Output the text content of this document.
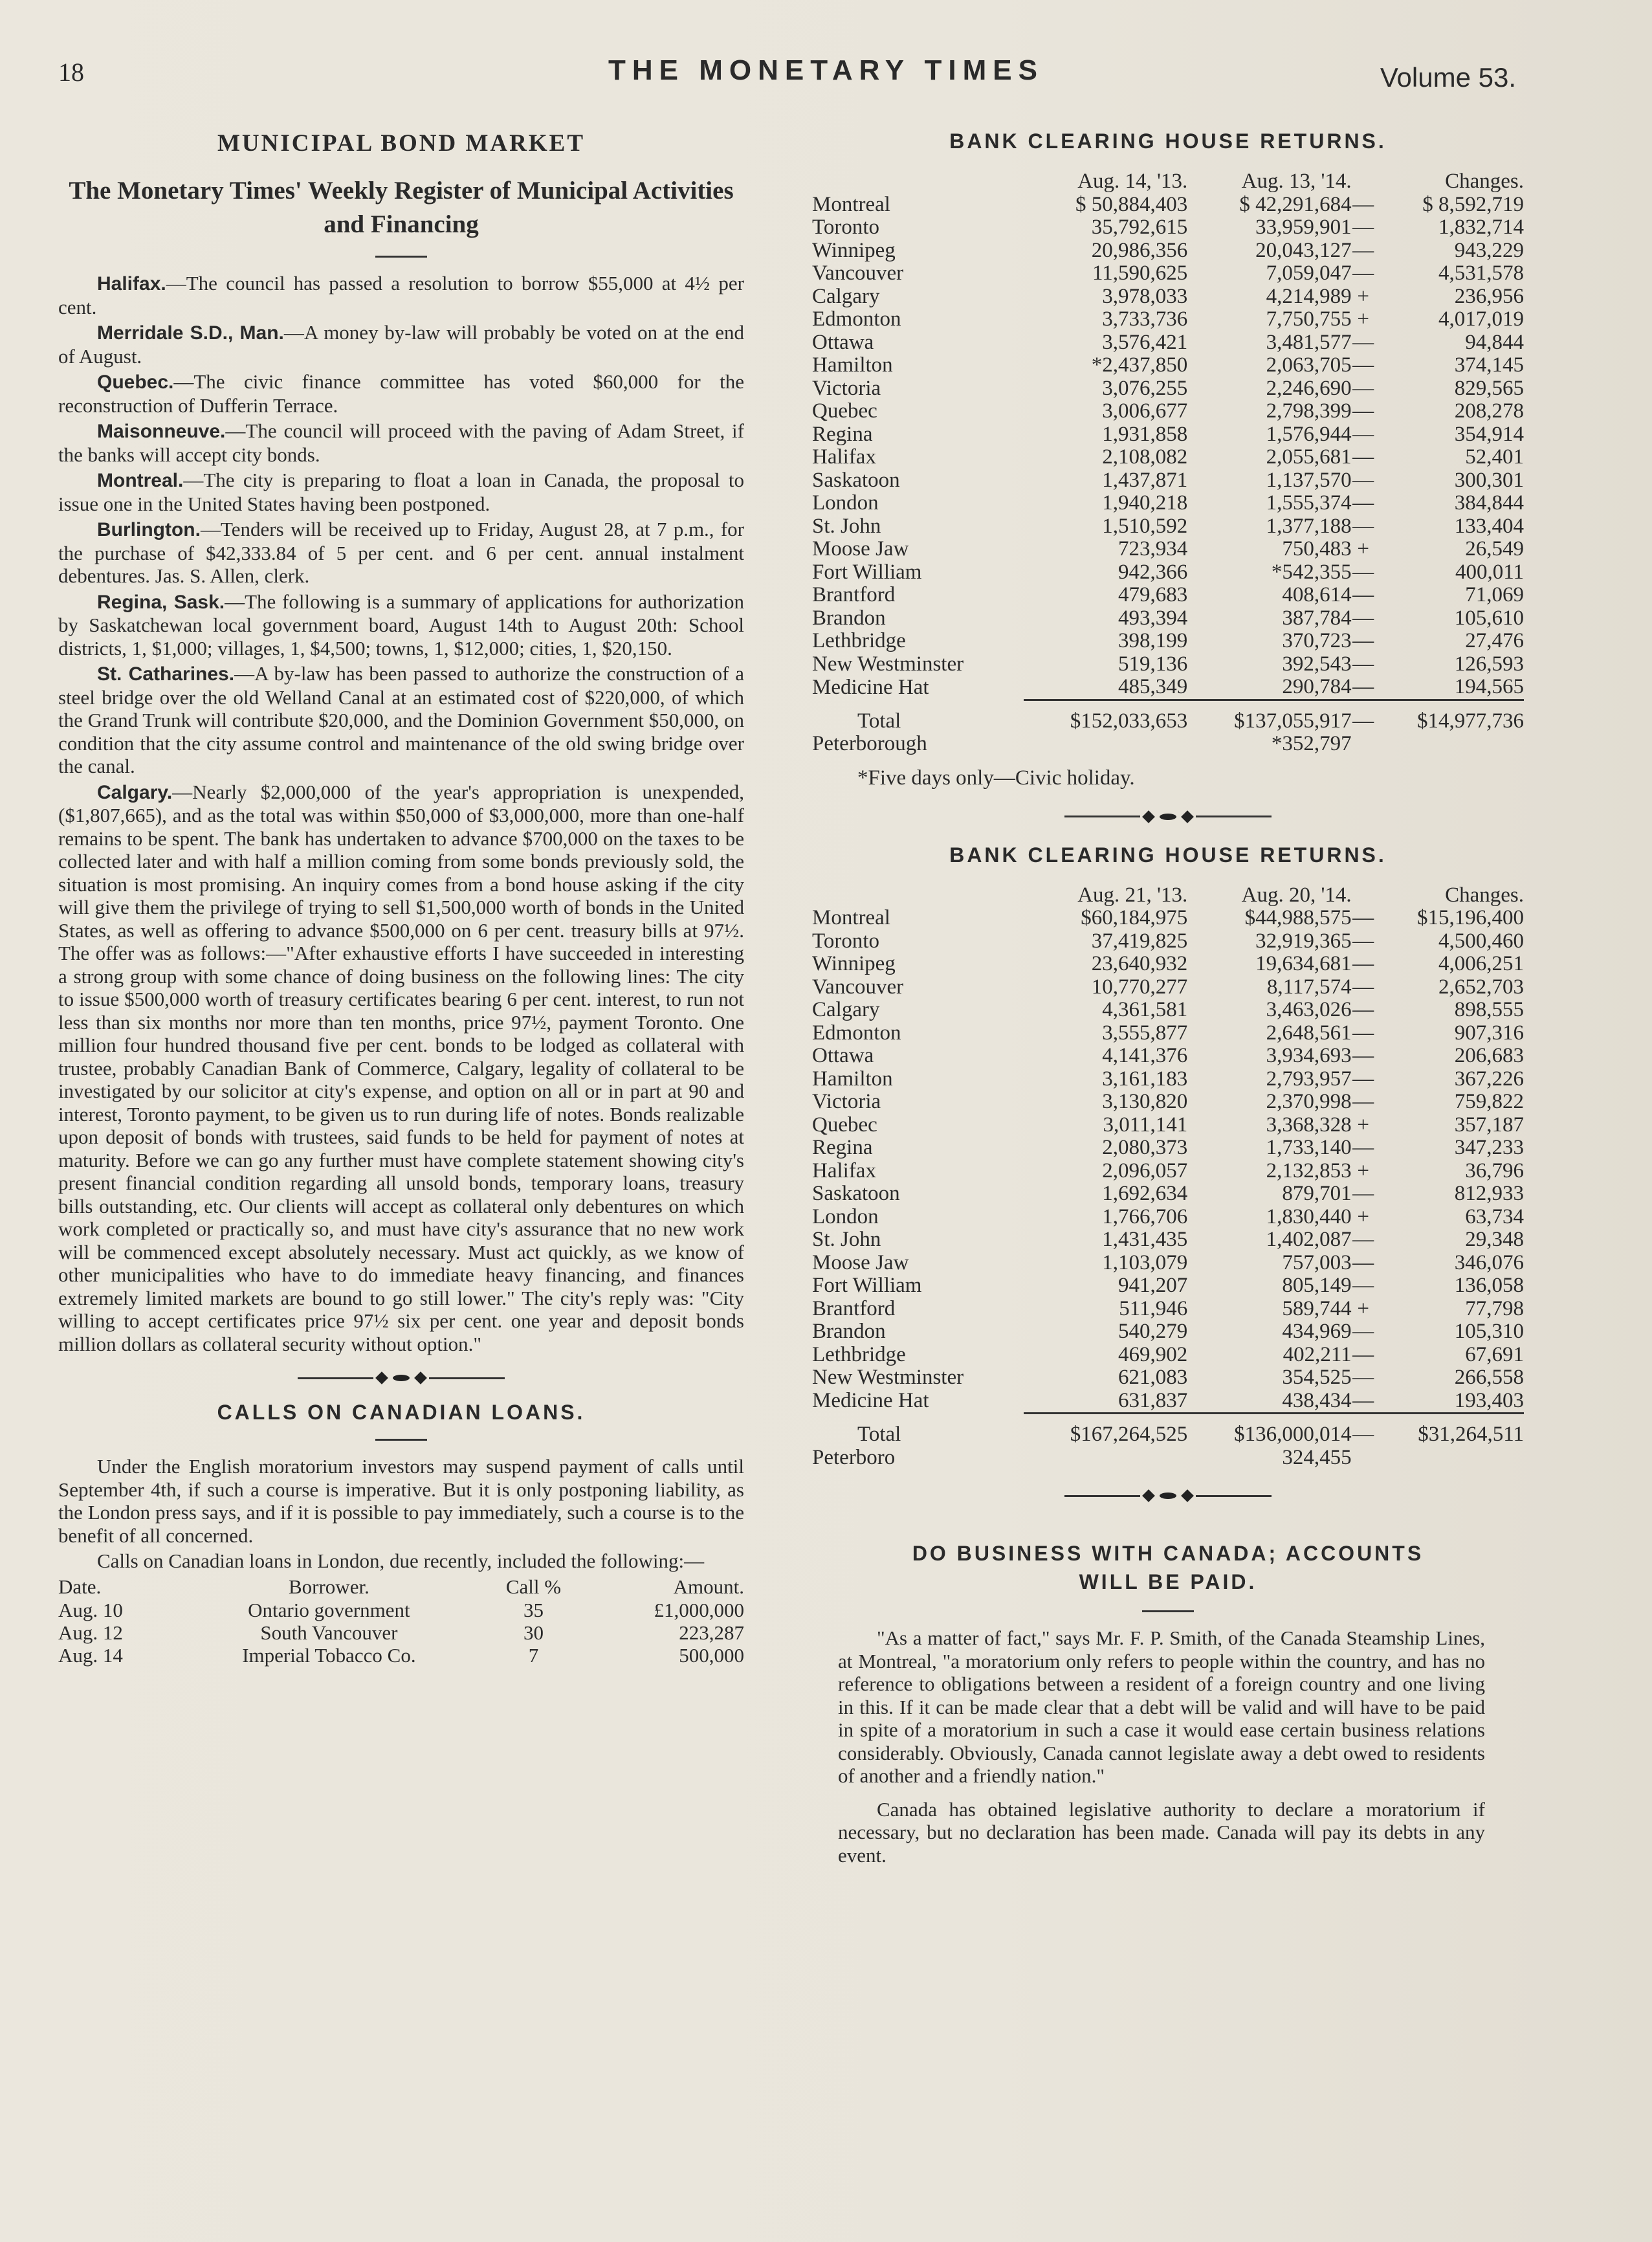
18	THE MONETARY TIMES	Volume 53.
MUNICIPAL BOND MARKET
The Monetary Times' Weekly Register of Municipal Activities and Financing

Halifax.—The council has passed a resolution to borrow $55,000 at 4½ per cent.

Merridale S.D., Man.—A money by-law will probably be voted on at the end of August.

Quebec.—The civic finance committee has voted $60,000 for the reconstruction of Dufferin Terrace.

Maisonneuve.—The council will proceed with the paving of Adam Street, if the banks will accept city bonds.

Montreal.—The city is preparing to float a loan in Canada, the proposal to issue one in the United States having been postponed.

Burlington.—Tenders will be received up to Friday, August 28, at 7 p.m., for the purchase of $42,333.84 of 5 per cent. and 6 per cent. annual instalment debentures. Jas. S. Allen, clerk.

Regina, Sask.—The following is a summary of applications for authorization by Saskatchewan local government board, August 14th to August 20th: School districts, 1, $1,000; villages, 1, $4,500; towns, 1, $12,000; cities, 1, $20,150.

St. Catharines.—A by-law has been passed to authorize the construction of a steel bridge over the old Welland Canal at an estimated cost of $220,000, of which the Grand Trunk will contribute $20,000, and the Dominion Government $50,000, on condition that the city assume control and maintenance of the old swing bridge over the canal.

Calgary.—Nearly $2,000,000 of the year's appropriation is unexpended, ($1,807,665), and as the total was within $50,000 of $3,000,000, more than one-half remains to be spent. The bank has undertaken to advance $700,000 on the taxes to be collected later and with half a million coming from some bonds previously sold, the situation is most promising. An inquiry comes from a bond house asking if the city will give them the privilege of trying to sell $1,500,000 worth of bonds in the United States, as well as offering to advance $500,000 on 6 per cent. treasury bills at 97½. The offer was as follows:—"After exhaustive efforts I have succeeded in interesting a strong group with some chance of doing business on the following lines: The city to issue $500,000 worth of treasury certificates bearing 6 per cent. interest, to run not less than six months nor more than ten months, price 97½, payment Toronto. One million four hundred thousand five per cent. bonds to be lodged as collateral with trustee, probably Canadian Bank of Commerce, Calgary, legality of collateral to be investigated by our solicitor at city's expense, and option on all or in part at 90 and interest, Toronto payment, to be given us to run during life of notes. Bonds realizable upon deposit of bonds with trustees, said funds to be held for payment of notes at maturity. Before we can go any further must have complete statement showing city's present financial condition regarding all unsold bonds, temporary loans, treasury bills outstanding, etc. Our clients will accept as collateral only debentures on which work completed or practically so, and must have city's assurance that no new work will be commenced except absolutely necessary. Must act quickly, as we know of other municipalities who have to do immediate heavy financing, and finances extremely limited markets are bound to go still lower." The city's reply was: "City willing to accept certificates price 97½ six per cent. one year and deposit bonds million dollars as collateral security without option."

CALLS ON CANADIAN LOANS.

Under the English moratorium investors may suspend payment of calls until September 4th, if such a course is imperative. But it is only postponing liability, as the London press says, and if it is possible to pay immediately, such a course is to the benefit of all concerned.

Calls on Canadian loans in London, due recently, included the following:—

Date.	Borrower.	Call %	Amount.
Aug. 10	Ontario government	35	£1,000,000
Aug. 12	South Vancouver	30	223,287
Aug. 14	Imperial Tobacco Co.	7	500,000
BANK CLEARING HOUSE RETURNS.
	Aug. 14, '13.	Aug. 13, '14.	Changes.	
Montreal	$ 50,884,403	$ 42,291,684	—	$ 8,592,719
Toronto	35,792,615	33,959,901	—	1,832,714
Winnipeg	20,986,356	20,043,127	—	943,229
Vancouver	11,590,625	7,059,047	—	4,531,578
Calgary	3,978,033	4,214,989	+	236,956
Edmonton	3,733,736	7,750,755	+	4,017,019
Ottawa	3,576,421	3,481,577	—	94,844
Hamilton	*2,437,850	2,063,705	—	374,145
Victoria	3,076,255	2,246,690	—	829,565
Quebec	3,006,677	2,798,399	—	208,278
Regina	1,931,858	1,576,944	—	354,914
Halifax	2,108,082	2,055,681	—	52,401
Saskatoon	1,437,871	1,137,570	—	300,301
London	1,940,218	1,555,374	—	384,844
St. John	1,510,592	1,377,188	—	133,404
Moose Jaw	723,934	750,483	+	26,549
Fort William	942,366	*542,355	—	400,011
Brantford	479,683	408,614	—	71,069
Brandon	493,394	387,784	—	105,610
Lethbridge	398,199	370,723	—	27,476
New Westminster	519,136	392,543	—	126,593
Medicine Hat	485,349	290,784	—	194,565

Total	$152,033,653	$137,055,917	—	$14,977,736
Peterborough		*352,797		
*Five days only—Civic holiday.
BANK CLEARING HOUSE RETURNS.
	Aug. 21, '13.	Aug. 20, '14.	Changes.	
Montreal	$60,184,975	$44,988,575	—	$15,196,400
Toronto	37,419,825	32,919,365	—	4,500,460
Winnipeg	23,640,932	19,634,681	—	4,006,251
Vancouver	10,770,277	8,117,574	—	2,652,703
Calgary	4,361,581	3,463,026	—	898,555
Edmonton	3,555,877	2,648,561	—	907,316
Ottawa	4,141,376	3,934,693	—	206,683
Hamilton	3,161,183	2,793,957	—	367,226
Victoria	3,130,820	2,370,998	—	759,822
Quebec	3,011,141	3,368,328	+	357,187
Regina	2,080,373	1,733,140	—	347,233
Halifax	2,096,057	2,132,853	+	36,796
Saskatoon	1,692,634	879,701	—	812,933
London	1,766,706	1,830,440	+	63,734
St. John	1,431,435	1,402,087	—	29,348
Moose Jaw	1,103,079	757,003	—	346,076
Fort William	941,207	805,149	—	136,058
Brantford	511,946	589,744	+	77,798
Brandon	540,279	434,969	—	105,310
Lethbridge	469,902	402,211	—	67,691
New Westminster	621,083	354,525	—	266,558
Medicine Hat	631,837	438,434	—	193,403

Total	$167,264,525	$136,000,014	—	$31,264,511
Peterboro		324,455		
DO BUSINESS WITH CANADA; ACCOUNTS WILL BE PAID.

"As a matter of fact," says Mr. F. P. Smith, of the Canada Steamship Lines, at Montreal, "a moratorium only refers to people within the country, and has no reference to obligations between a resident of a foreign country and one living in this. If it can be made clear that a debt will be valid and will have to be paid in spite of a moratorium in such a case it would ease certain business relations considerably. Obviously, Canada cannot legislate away a debt owed to residents of another and a friendly nation."

Canada has obtained legislative authority to declare a moratorium if necessary, but no declaration has been made. Canada will pay its debts in any event.
